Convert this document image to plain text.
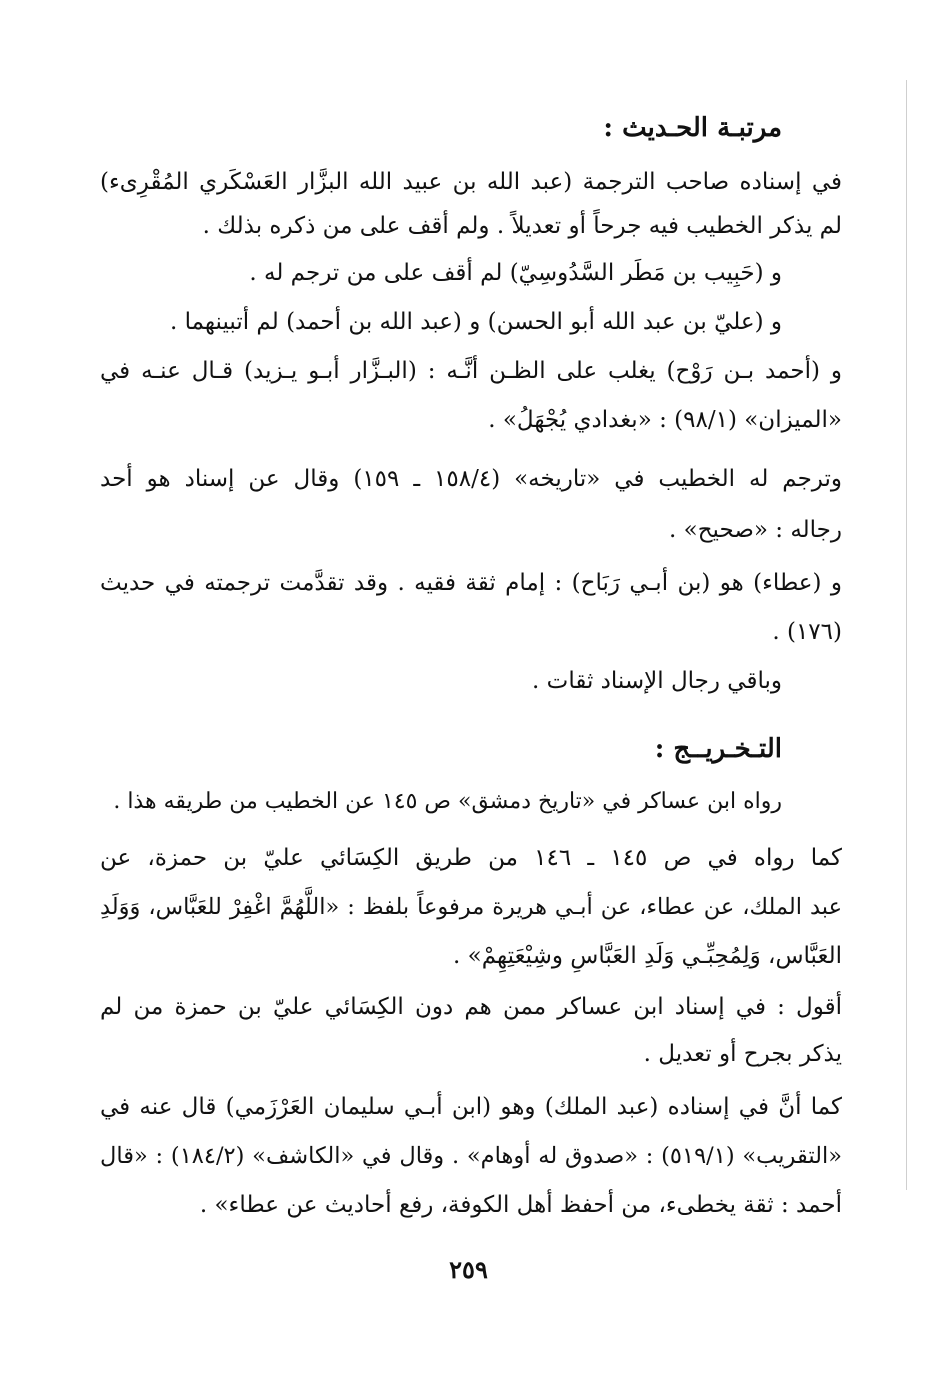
مرتبـة الحـديث :
في إسناده صاحب الترجمة (عبد الله بن عبيد الله البزَّار العَسْكَري المُقْرِىء)
لم يذكر الخطيب فيه جرحاً أو تعديلاً . ولم أقف على من ذكره بذلك .
و (حَبِيب بن مَطَر السَّدُوسِيّ) لم أقف على من ترجم له .
و (عليّ بن عبد الله أبو الحسن) و (عبد الله بن أحمد) لم أتبينهما .
و (أحمد بـن رَوْح) يغلب على الظـن أنَّـه : (البـزَّار أبـو يـزيد) قـال عنـه في
«الميزان» (٩٨/١) : «بغدادي يُجْهَلُ» .
وترجم له الخطيب في «تاريخه» (١٥٨/٤ ـ ١٥٩) وقال عن إسناد هو أحد
رجاله : «صحيح» .
و (عطاء) هو (بن أبـي رَبَاح) : إمام ثقة فقيه . وقد تقدَّمت ترجمته في حديث
(١٧٦) .
وباقي رجال الإسناد ثقات .
التـخـريــج :
رواه ابن عساكر في «تاريخ دمشق» ص ١٤٥ عن الخطيب من طريقه هذا .
كما رواه في ص ١٤٥ ـ ١٤٦ من طريق الكِسَائي عليّ بن حمزة، عن
عبد الملك، عن عطاء، عن أبـي هريرة مرفوعاً بلفظ : «اللَّهُمَّ اغْفِرْ للعَبَّاس، وَوَلَدِ
العَبَّاس، وَلِمُحِبِّـي وَلَدِ العَبَّاسِ وشِيْعَتِهِمْ» .
أقول : في إسناد ابن عساكر ممن هم دون الكِسَائي عليّ بن حمزة من لم
يذكر بجرح أو تعديل .
كما أنَّ في إسناده (عبد الملك) وهو (ابن أبـي سليمان العَرْزَمي) قال عنه في
«التقريب» (٥١٩/١) : «صدوق له أوهام» . وقال في «الكاشف» (١٨٤/٢) : «قال
أحمد : ثقة يخطىء، من أحفظ أهل الكوفة، رفع أحاديث عن عطاء» .
٢٥٩
